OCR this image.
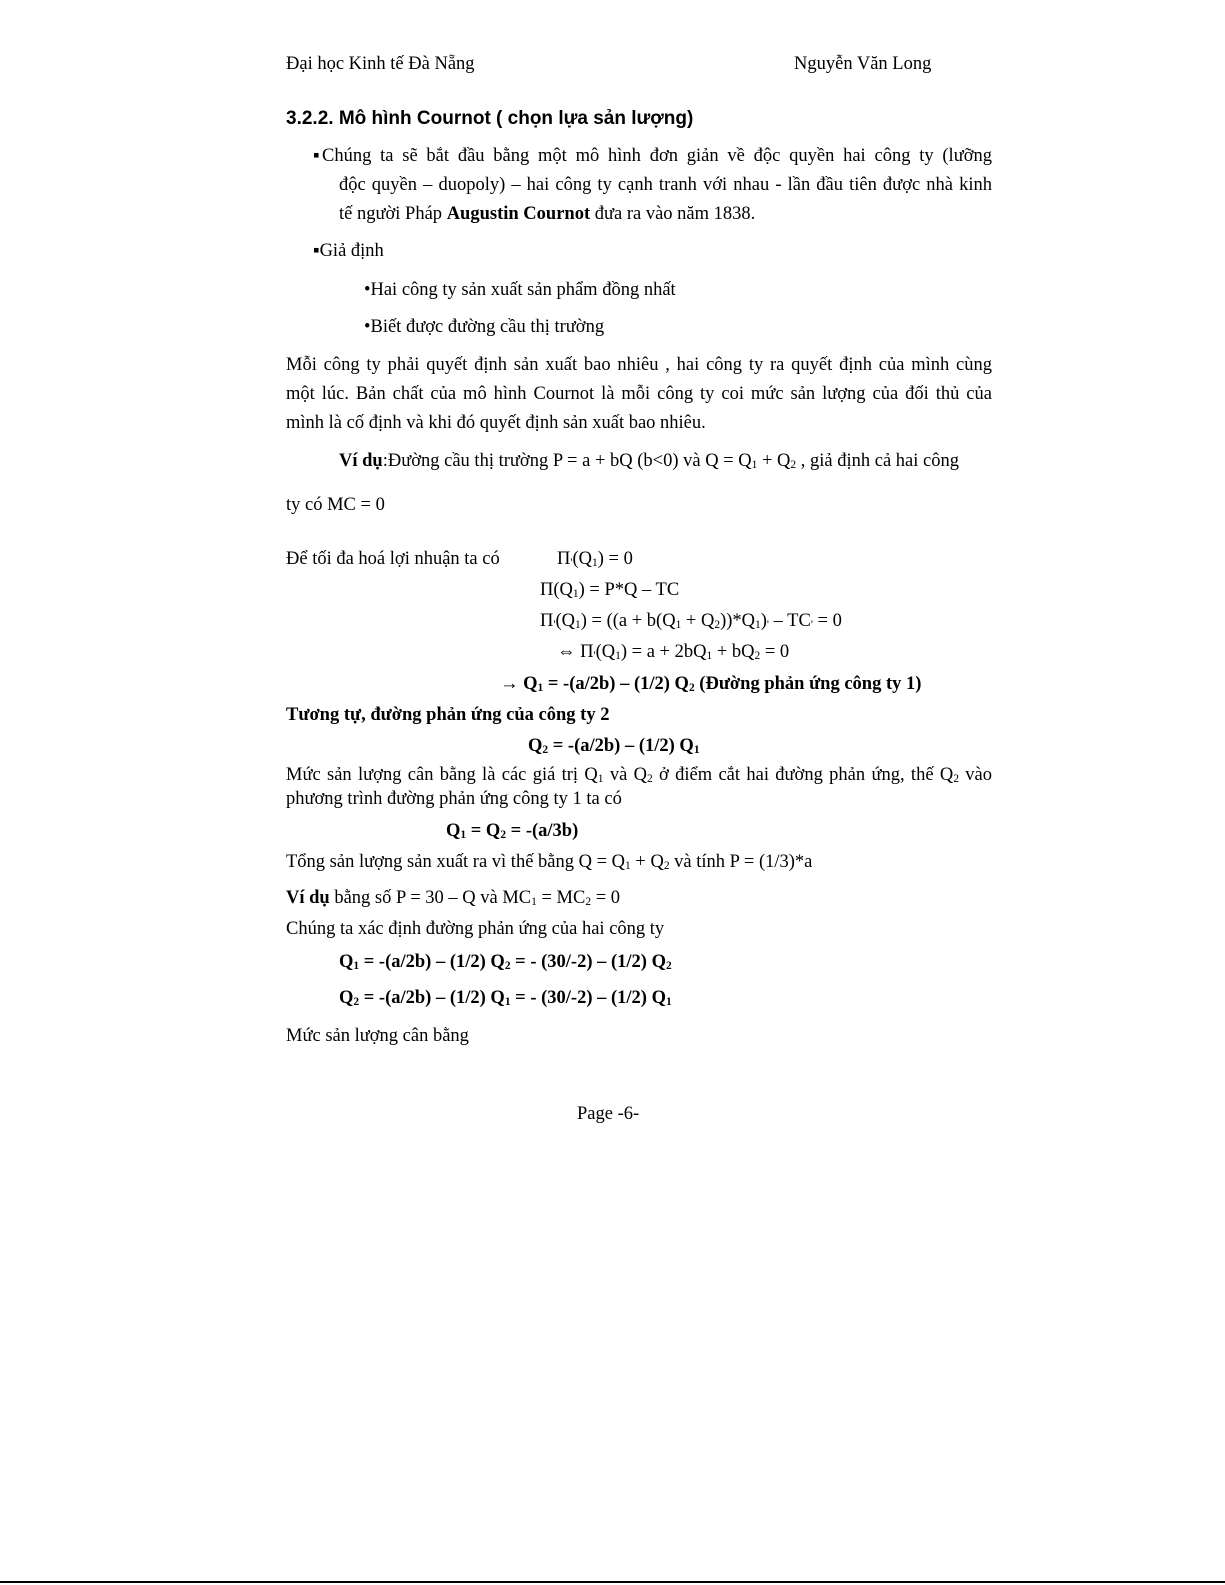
Đại học Kinh tế Đà Nẵng	Nguyễn Văn Long
3.2.2. Mô hình Cournot ( chọn lựa sản lượng)
▪ Chúng ta sẽ bắt đầu bằng một mô hình đơn giản về độc quyền hai công ty (lưỡng
độc quyền – duopoly) – hai công ty cạnh tranh với nhau - lần đầu tiên được nhà kinh
tế người Pháp Augustin Cournot đưa ra vào năm 1838.
▪Giả định
•Hai công ty sản xuất sản phẩm đồng nhất
•Biết được đường cầu thị trường
Mỗi công ty phải quyết định sản xuất bao nhiêu , hai công ty ra quyết định của mình cùng
một lúc. Bản chất của mô hình Cournot là mỗi công ty coi mức sản lượng của đối thủ của
mình là cố định và khi đó quyết định sản xuất bao nhiêu.
Ví dụ:Đường cầu thị trường P = a + bQ (b<0) và $Q = Q_1 + Q_2$ , giả định cả hai công
ty có MC = 0
Để tối đa hoá lợi nhuận ta có	$\Pi'(Q_1) = 0$
$\Pi(Q_1) = P*Q$ – TC
$\Pi'(Q_1) = ((a + b(Q_1 + Q_2))*Q_1)' - TC' = 0$
⇔ $\Pi'(Q_1) = a + 2bQ_1 + bQ_2 = 0$
→ $Q_1 = -(a/2b) - (1/2)$ $Q_2$ (Đường phản ứng công ty 1)
Tương tự, đường phản ứng của công ty 2
$Q_2 = -(a/2b) - (1/2)$ $Q_1$
Mức sản lượng cân bằng là các giá trị $Q_1$ và $Q_2$ ở điểm cắt hai đường phản ứng, thế $Q_2$ vào
phương trình đường phản ứng công ty 1 ta có
$Q_1 = Q_2 = -(a/3b)$
Tổng sản lượng sản xuất ra vì thế bằng $Q = Q_1 + Q_2$ và tính P = (1/3)*a
Ví dụ bằng số P = 30 – Q và $MC_1 = MC_2 = 0$
Chúng ta xác định đường phản ứng của hai công ty
$Q_1 = -(a/2b) - (1/2) Q_2$ = - (30/-2) – (1/2) $Q_2$
$Q_2 = -(a/2b) - (1/2) Q_1$ = - (30/-2) – (1/2) $Q_1$
Mức sản lượng cân bằng
Page -6-
